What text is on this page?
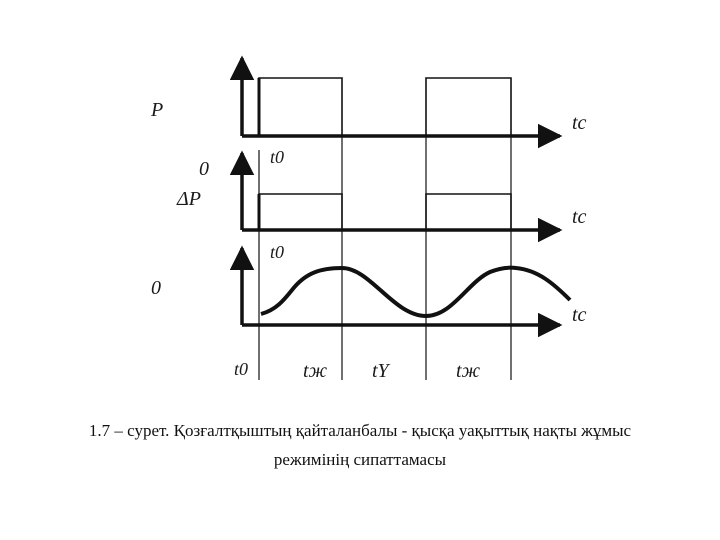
P
tc
t0
0
ΔP
tc
t0
0
tc
t0	tж tҮ	tж
1.7 – сурет. Қозғалтқыштың қайталанбалы - қысқа уақыттық нақты жұмыс
режимінің сипаттамасы
